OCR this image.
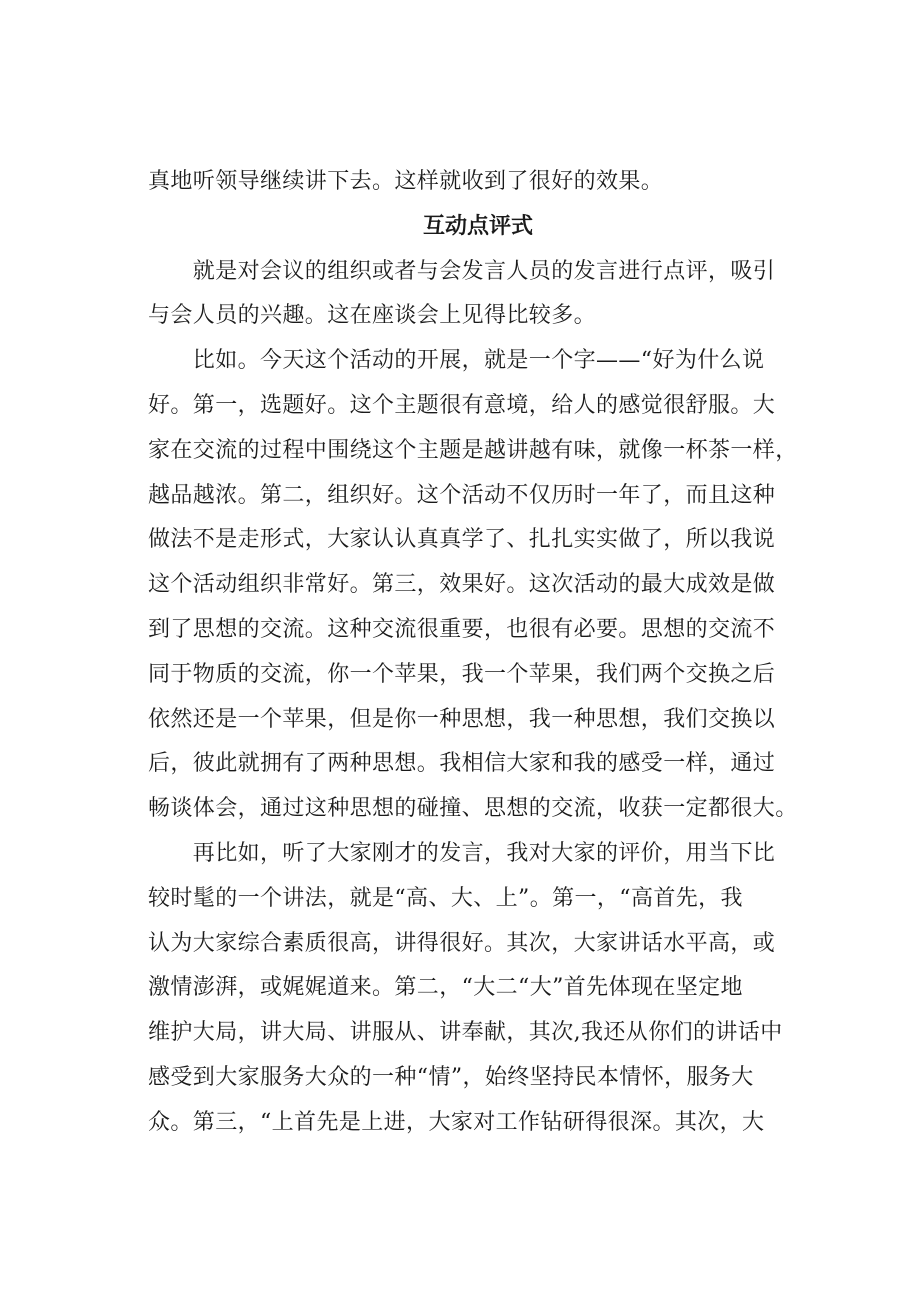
真地听领导继续讲下去。这样就收到了很好的效果。
互动点评式
　　就是对会议的组织或者与会发言人员的发言进行点评，吸引
与会人员的兴趣。这在座谈会上见得比较多。
　　比如。今天这个活动的开展，就是一个字——“好为什么说
好。第一，选题好。这个主题很有意境，给人的感觉很舒服。大
家在交流的过程中围绕这个主题是越讲越有味，就像一杯茶一样，
越品越浓。第二，组织好。这个活动不仅历时一年了，而且这种
做法不是走形式，大家认认真真学了、扎扎实实做了，所以我说
这个活动组织非常好。第三，效果好。这次活动的最大成效是做
到了思想的交流。这种交流很重要，也很有必要。思想的交流不
同于物质的交流，你一个苹果，我一个苹果，我们两个交换之后
依然还是一个苹果，但是你一种思想，我一种思想，我们交换以
后，彼此就拥有了两种思想。我相信大家和我的感受一样，通过
畅谈体会，通过这种思想的碰撞、思想的交流，收获一定都很大。
　　再比如，听了大家刚才的发言，我对大家的评价，用当下比
较时髦的一个讲法，就是“高、大、上”。第一，“高首先，我
认为大家综合素质很高，讲得很好。其次，大家讲话水平高，或
激情澎湃，或娓娓道来。第二，“大二“大”首先体现在坚定地
维护大局，讲大局、讲服从、讲奉献，其次,我还从你们的讲话中
感受到大家服务大众的一种“情”，始终坚持民本情怀，服务大
众。第三，“上首先是上进，大家对工作钻研得很深。其次，大
